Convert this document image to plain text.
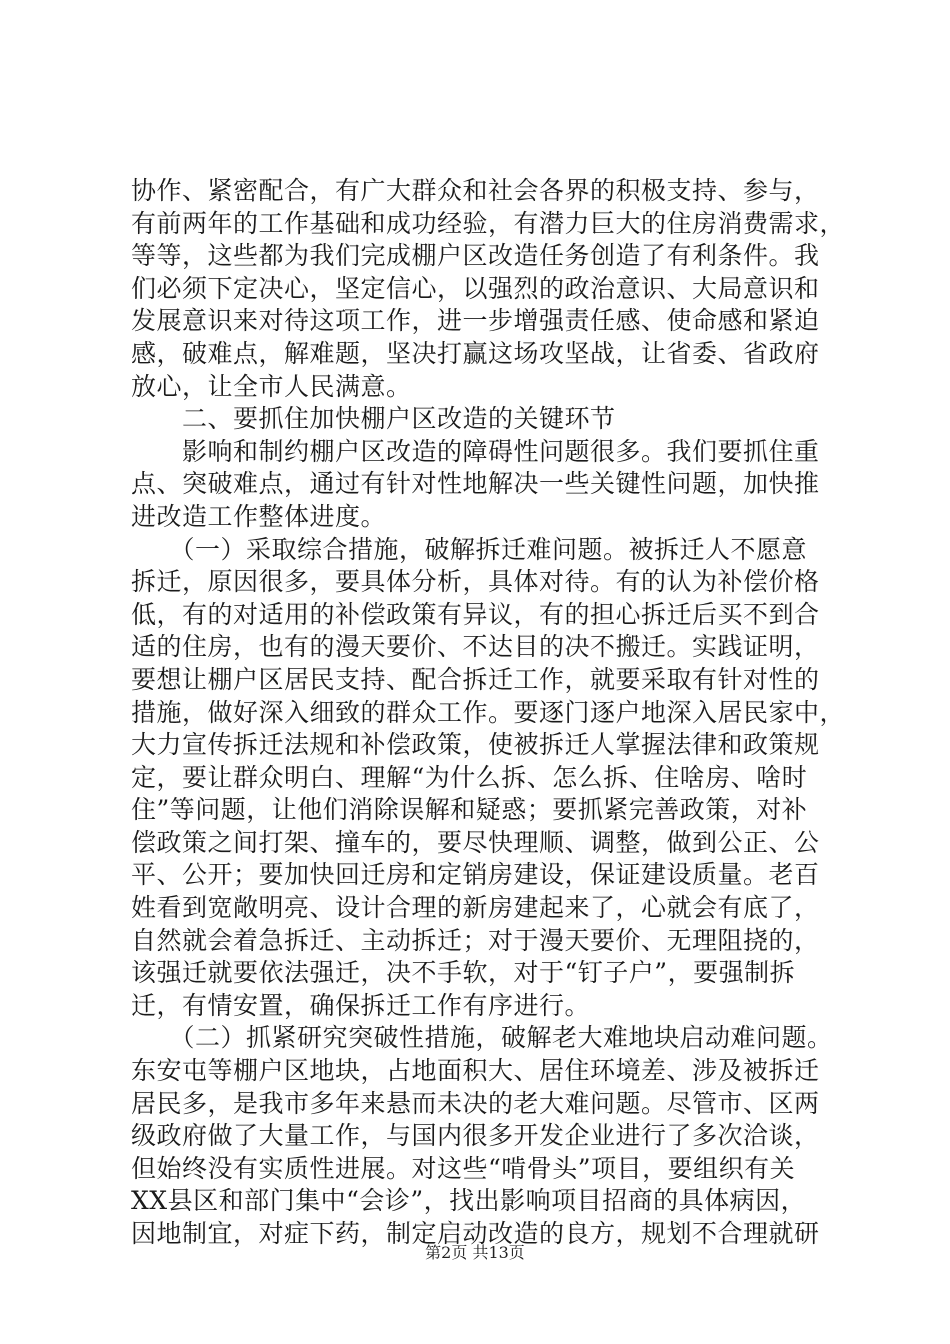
协作、紧密配合，有广大群众和社会各界的积极支持、参与，
有前两年的工作基础和成功经验，有潜力巨大的住房消费需求，
等等，这些都为我们完成棚户区改造任务创造了有利条件。我
们必须下定决心，坚定信心，以强烈的政治意识、大局意识和
发展意识来对待这项工作，进一步增强责任感、使命感和紧迫
感，破难点，解难题，坚决打赢这场攻坚战，让省委、省政府
放心，让全市人民满意。
　　二、要抓住加快棚户区改造的关键环节
　　影响和制约棚户区改造的障碍性问题很多。我们要抓住重
点、突破难点，通过有针对性地解决一些关键性问题，加快推
进改造工作整体进度。
　　（一）采取综合措施，破解拆迁难问题。被拆迁人不愿意
拆迁，原因很多，要具体分析，具体对待。有的认为补偿价格
低，有的对适用的补偿政策有异议，有的担心拆迁后买不到合
适的住房，也有的漫天要价、不达目的决不搬迁。实践证明，
要想让棚户区居民支持、配合拆迁工作，就要采取有针对性的
措施，做好深入细致的群众工作。要逐门逐户地深入居民家中，
大力宣传拆迁法规和补偿政策，使被拆迁人掌握法律和政策规
定，要让群众明白、理解“为什么拆、怎么拆、住啥房、啥时
住”等问题，让他们消除误解和疑惑；要抓紧完善政策，对补
偿政策之间打架、撞车的，要尽快理顺、调整，做到公正、公
平、公开；要加快回迁房和定销房建设，保证建设质量。老百
姓看到宽敞明亮、设计合理的新房建起来了，心就会有底了，
自然就会着急拆迁、主动拆迁；对于漫天要价、无理阻挠的，
该强迁就要依法强迁，决不手软，对于“钉子户”，要强制拆
迁，有情安置，确保拆迁工作有序进行。
　　（二）抓紧研究突破性措施，破解老大难地块启动难问题。
东安屯等棚户区地块，占地面积大、居住环境差、涉及被拆迁
居民多，是我市多年来悬而未决的老大难问题。尽管市、区两
级政府做了大量工作，与国内很多开发企业进行了多次洽谈，
但始终没有实质性进展。对这些“啃骨头”项目，要组织有关
XX县区和部门集中“会诊”，找出影响项目招商的具体病因，
因地制宜，对症下药，制定启动改造的良方，规划不合理就研
第2页 共13页
